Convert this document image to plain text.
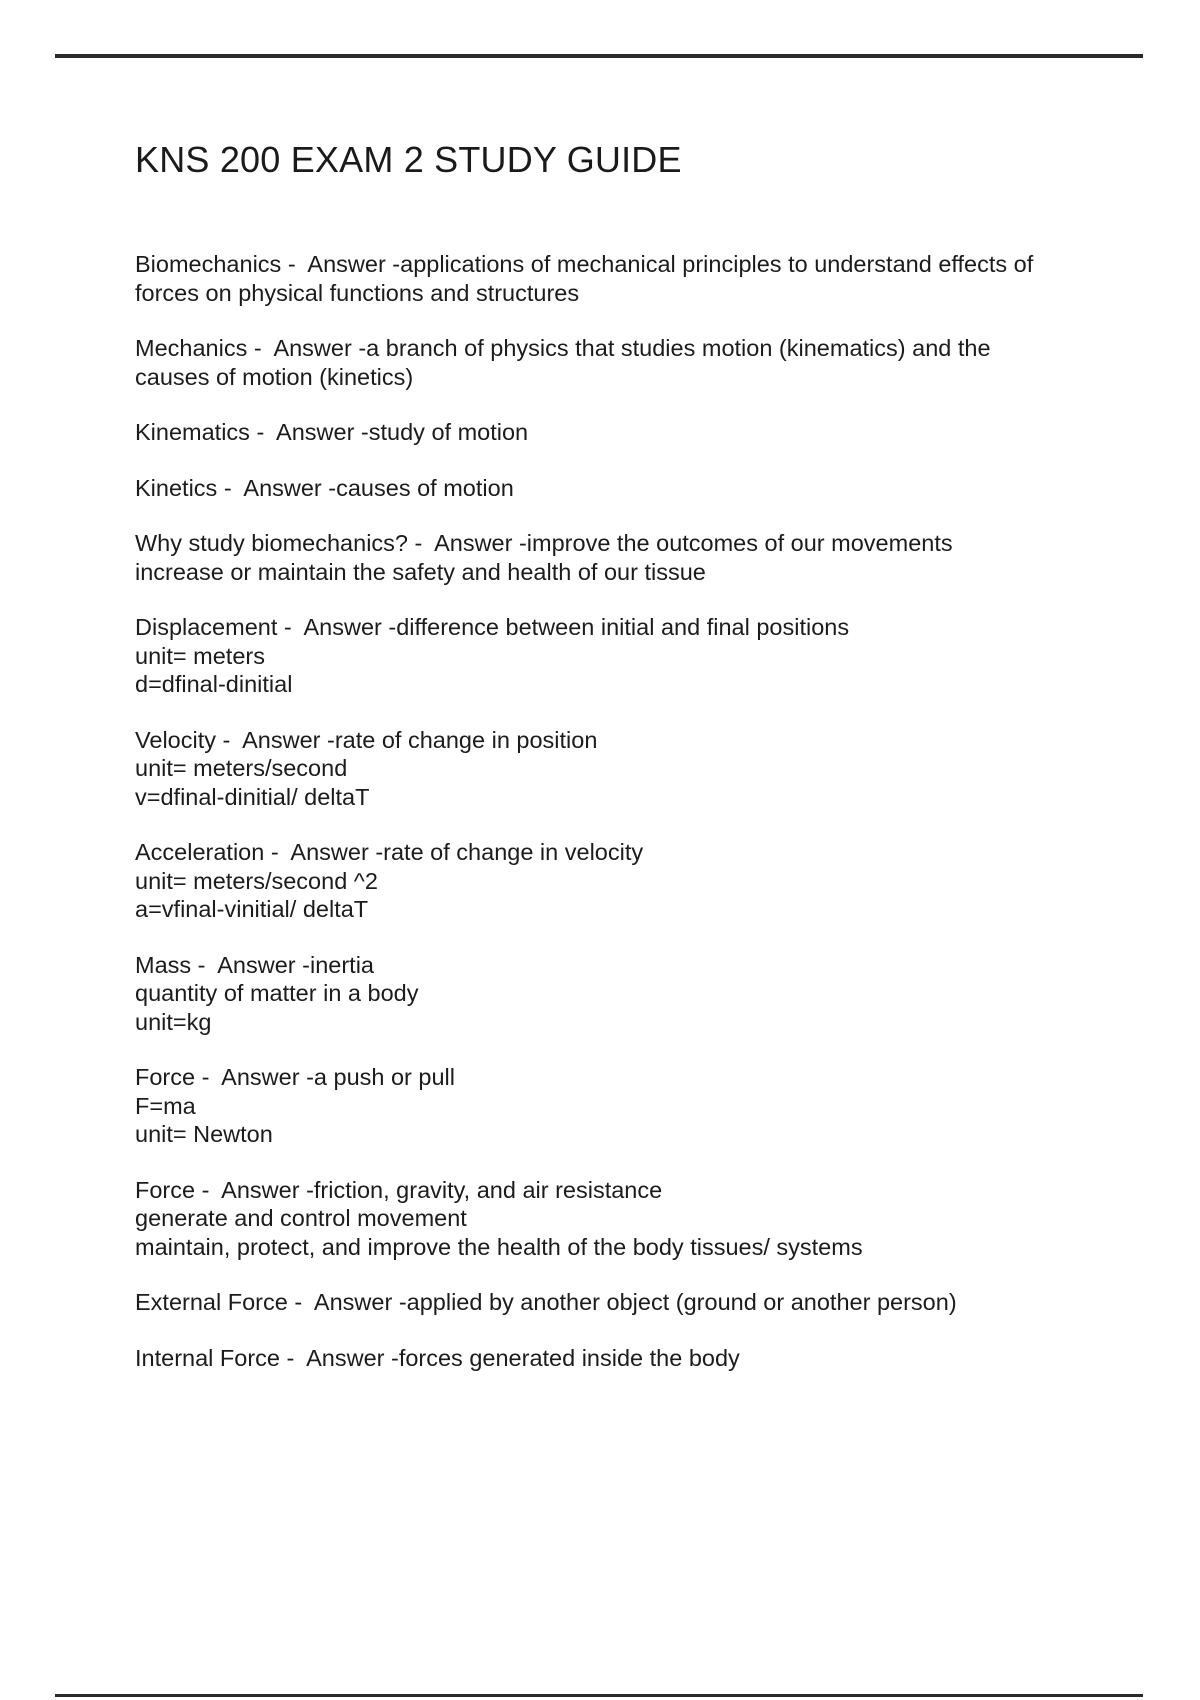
KNS 200 EXAM 2 STUDY GUIDE
Biomechanics -  Answer -applications of mechanical principles to understand effects of
forces on physical functions and structures
Mechanics -  Answer -a branch of physics that studies motion (kinematics) and the
causes of motion (kinetics)
Kinematics -  Answer -study of motion
Kinetics -  Answer -causes of motion
Why study biomechanics? -  Answer -improve the outcomes of our movements
increase or maintain the safety and health of our tissue
Displacement -  Answer -difference between initial and final positions
unit= meters
d=dfinal-dinitial
Velocity -  Answer -rate of change in position
unit= meters/second
v=dfinal-dinitial/ deltaT
Acceleration -  Answer -rate of change in velocity
unit= meters/second ^2
a=vfinal-vinitial/ deltaT
Mass -  Answer -inertia
quantity of matter in a body
unit=kg
Force -  Answer -a push or pull
F=ma
unit= Newton
Force -  Answer -friction, gravity, and air resistance
generate and control movement
maintain, protect, and improve the health of the body tissues/ systems
External Force -  Answer -applied by another object (ground or another person)
Internal Force -  Answer -forces generated inside the body
